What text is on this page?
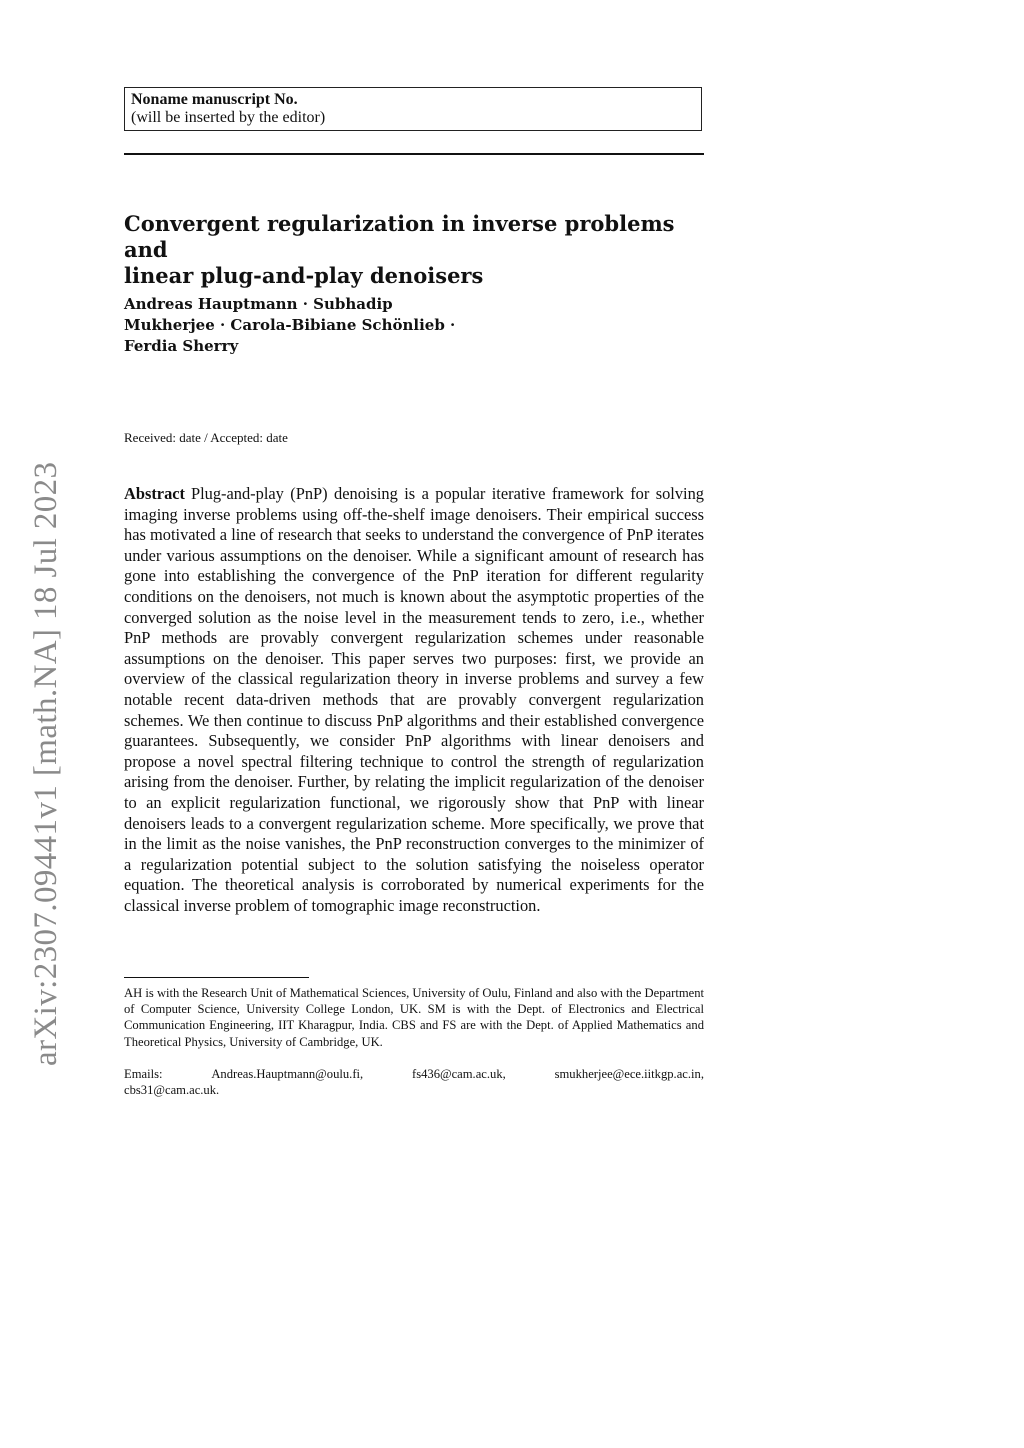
arXiv:2307.09441v1 [math.NA] 18 Jul 2023
Noname manuscript No.
(will be inserted by the editor)
Convergent regularization in inverse problems and
linear plug-and-play denoisers
Andreas Hauptmann · Subhadip
Mukherjee · Carola-Bibiane Schönlieb ·
Ferdia Sherry
Received: date / Accepted: date

Abstract Plug-and-play (PnP) denoising is a popular iterative framework for solving imaging inverse problems using off-the-shelf image denoisers. Their empirical success has motivated a line of research that seeks to understand the convergence of PnP iterates under various assumptions on the denoiser. While a significant amount of research has gone into establishing the convergence of the PnP iteration for different regularity conditions on the denoisers, not much is known about the asymptotic properties of the converged solution as the noise level in the measurement tends to zero, i.e., whether PnP methods are provably convergent regularization schemes under reasonable assumptions on the denoiser. This paper serves two purposes: first, we provide an overview of the classical regularization theory in inverse problems and survey a few notable recent data-driven methods that are provably convergent regularization schemes. We then continue to discuss PnP algorithms and their established convergence guarantees. Subsequently, we consider PnP algorithms with linear denoisers and propose a novel spectral filtering technique to control the strength of regularization arising from the denoiser. Further, by relating the implicit regularization of the denoiser to an explicit regularization functional, we rigorously show that PnP with linear denoisers leads to a convergent regularization scheme. More specifically, we prove that in the limit as the noise vanishes, the PnP reconstruction converges to the minimizer of a regularization potential subject to the solution satisfying the noiseless operator equation. The theoretical analysis is corroborated by numerical experiments for the classical inverse problem of tomographic image reconstruction.

AH is with the Research Unit of Mathematical Sciences, University of Oulu, Finland and also with the Department of Computer Science, University College London, UK. SM is with the Dept. of Electronics and Electrical Communication Engineering, IIT Kharagpur, India. CBS and FS are with the Dept. of Applied Mathematics and Theoretical Physics, University of Cambridge, UK.

Emails:	Andreas.Hauptmann@oulu.fi,	fs436@cam.ac.uk,	smukherjee@ece.iitkgp.ac.in,
cbs31@cam.ac.uk.
